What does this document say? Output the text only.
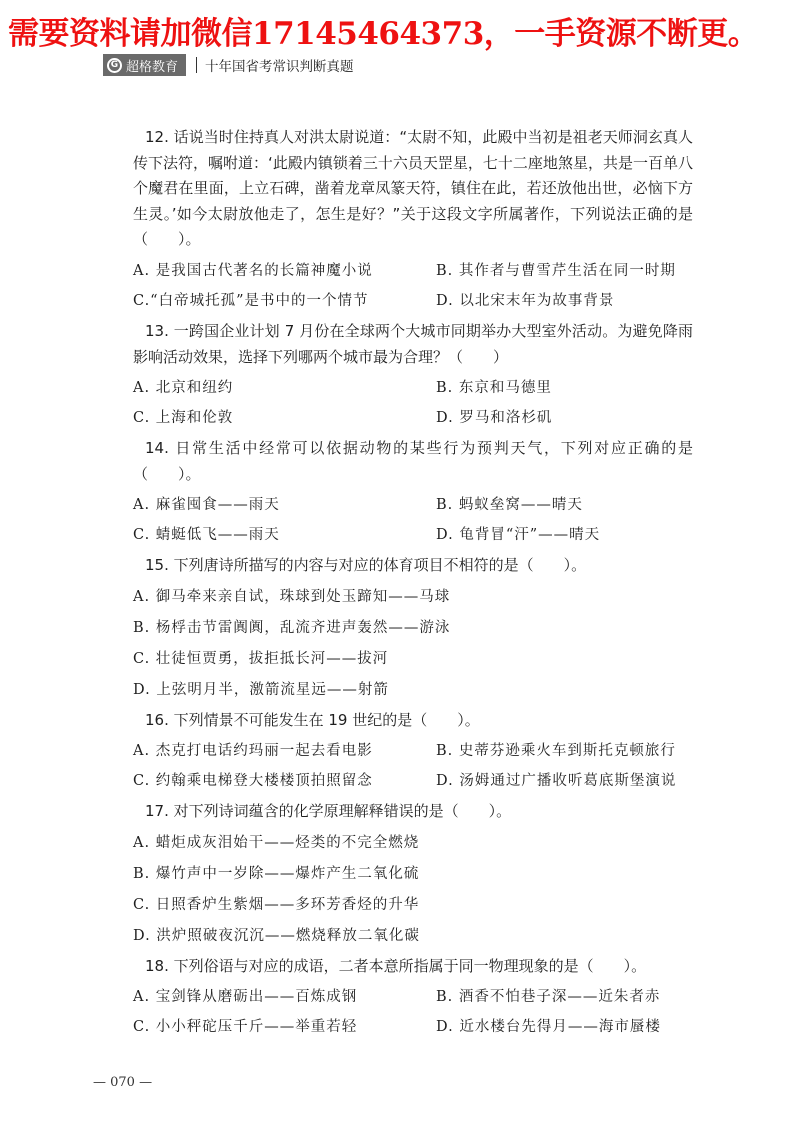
需要资料请加微信17145464373，一手资源不断更。
G 超格教育 十年国省考常识判断真题

12. 话说当时住持真人对洪太尉说道：“太尉不知，此殿中当初是祖老天师洞玄真人传下法符，嘱咐道：‘此殿内镇锁着三十六员天罡星，七十二座地煞星，共是一百单八个魔君在里面，上立石碑，凿着龙章凤篆天符，镇住在此，若还放他出世，必恼下方生灵。’如今太尉放他走了，怎生是好？”关于这段文字所属著作，下列说法正确的是（　　）。

A. 是我国古代著名的长篇神魔小说	B. 其作者与曹雪芹生活在同一时期
C.“白帝城托孤”是书中的一个情节	D. 以北宋末年为故事背景

13. 一跨国企业计划 7 月份在全球两个大城市同期举办大型室外活动。为避免降雨影响活动效果，选择下列哪两个城市最为合理？（　　）

A. 北京和纽约	B. 东京和马德里
C. 上海和伦敦	D. 罗马和洛杉矶

14. 日常生活中经常可以依据动物的某些行为预判天气，下列对应正确的是（　　）。

A. 麻雀囤食——雨天	B. 蚂蚁垒窝——晴天
C. 蜻蜓低飞——雨天	D. 龟背冒“汗”——晴天

15. 下列唐诗所描写的内容与对应的体育项目不相符的是（　　）。

A. 御马牵来亲自试，珠球到处玉蹄知——马球
B. 杨桴击节雷阗阗，乱流齐进声轰然——游泳
C. 壮徒恒贾勇，拔拒抵长河——拔河
D. 上弦明月半，激箭流星远——射箭

16. 下列情景不可能发生在 19 世纪的是（　　）。

A. 杰克打电话约玛丽一起去看电影	B. 史蒂芬逊乘火车到斯托克顿旅行
C. 约翰乘电梯登大楼楼顶拍照留念	D. 汤姆通过广播收听葛底斯堡演说

17. 对下列诗词蕴含的化学原理解释错误的是（　　）。

A. 蜡炬成灰泪始干——烃类的不完全燃烧
B. 爆竹声中一岁除——爆炸产生二氧化硫
C. 日照香炉生紫烟——多环芳香烃的升华
D. 洪炉照破夜沉沉——燃烧释放二氧化碳

18. 下列俗语与对应的成语，二者本意所指属于同一物理现象的是（　　）。

A. 宝剑锋从磨砺出——百炼成钢	B. 酒香不怕巷子深——近朱者赤
C. 小小秤砣压千斤——举重若轻	D. 近水楼台先得月——海市蜃楼
— 070 —
